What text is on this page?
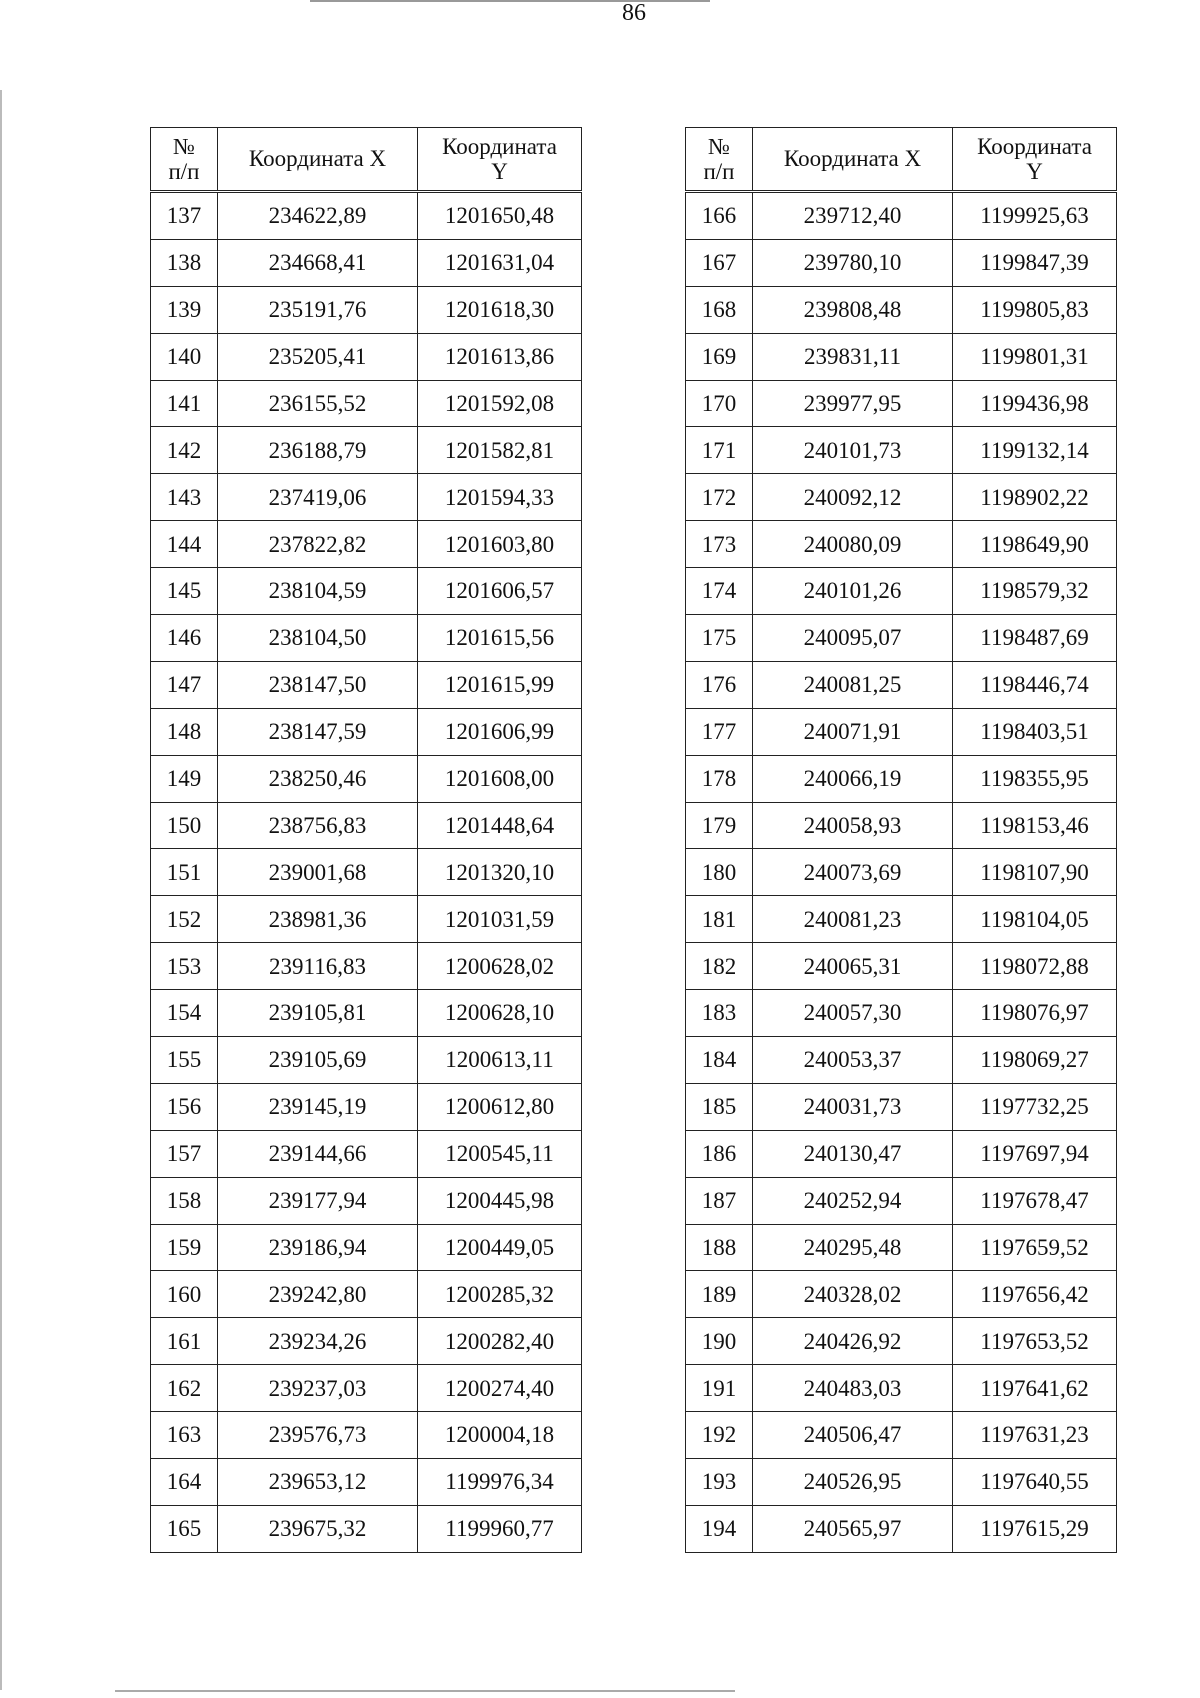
86
№
п/п	Координата X	Координата
Y
137	234622,89	1201650,48
138	234668,41	1201631,04
139	235191,76	1201618,30
140	235205,41	1201613,86
141	236155,52	1201592,08
142	236188,79	1201582,81
143	237419,06	1201594,33
144	237822,82	1201603,80
145	238104,59	1201606,57
146	238104,50	1201615,56
147	238147,50	1201615,99
148	238147,59	1201606,99
149	238250,46	1201608,00
150	238756,83	1201448,64
151	239001,68	1201320,10
152	238981,36	1201031,59
153	239116,83	1200628,02
154	239105,81	1200628,10
155	239105,69	1200613,11
156	239145,19	1200612,80
157	239144,66	1200545,11
158	239177,94	1200445,98
159	239186,94	1200449,05
160	239242,80	1200285,32
161	239234,26	1200282,40
162	239237,03	1200274,40
163	239576,73	1200004,18
164	239653,12	1199976,34
165	239675,32	1199960,77
№
п/п	Координата X	Координата
Y
166	239712,40	1199925,63
167	239780,10	1199847,39
168	239808,48	1199805,83
169	239831,11	1199801,31
170	239977,95	1199436,98
171	240101,73	1199132,14
172	240092,12	1198902,22
173	240080,09	1198649,90
174	240101,26	1198579,32
175	240095,07	1198487,69
176	240081,25	1198446,74
177	240071,91	1198403,51
178	240066,19	1198355,95
179	240058,93	1198153,46
180	240073,69	1198107,90
181	240081,23	1198104,05
182	240065,31	1198072,88
183	240057,30	1198076,97
184	240053,37	1198069,27
185	240031,73	1197732,25
186	240130,47	1197697,94
187	240252,94	1197678,47
188	240295,48	1197659,52
189	240328,02	1197656,42
190	240426,92	1197653,52
191	240483,03	1197641,62
192	240506,47	1197631,23
193	240526,95	1197640,55
194	240565,97	1197615,29
